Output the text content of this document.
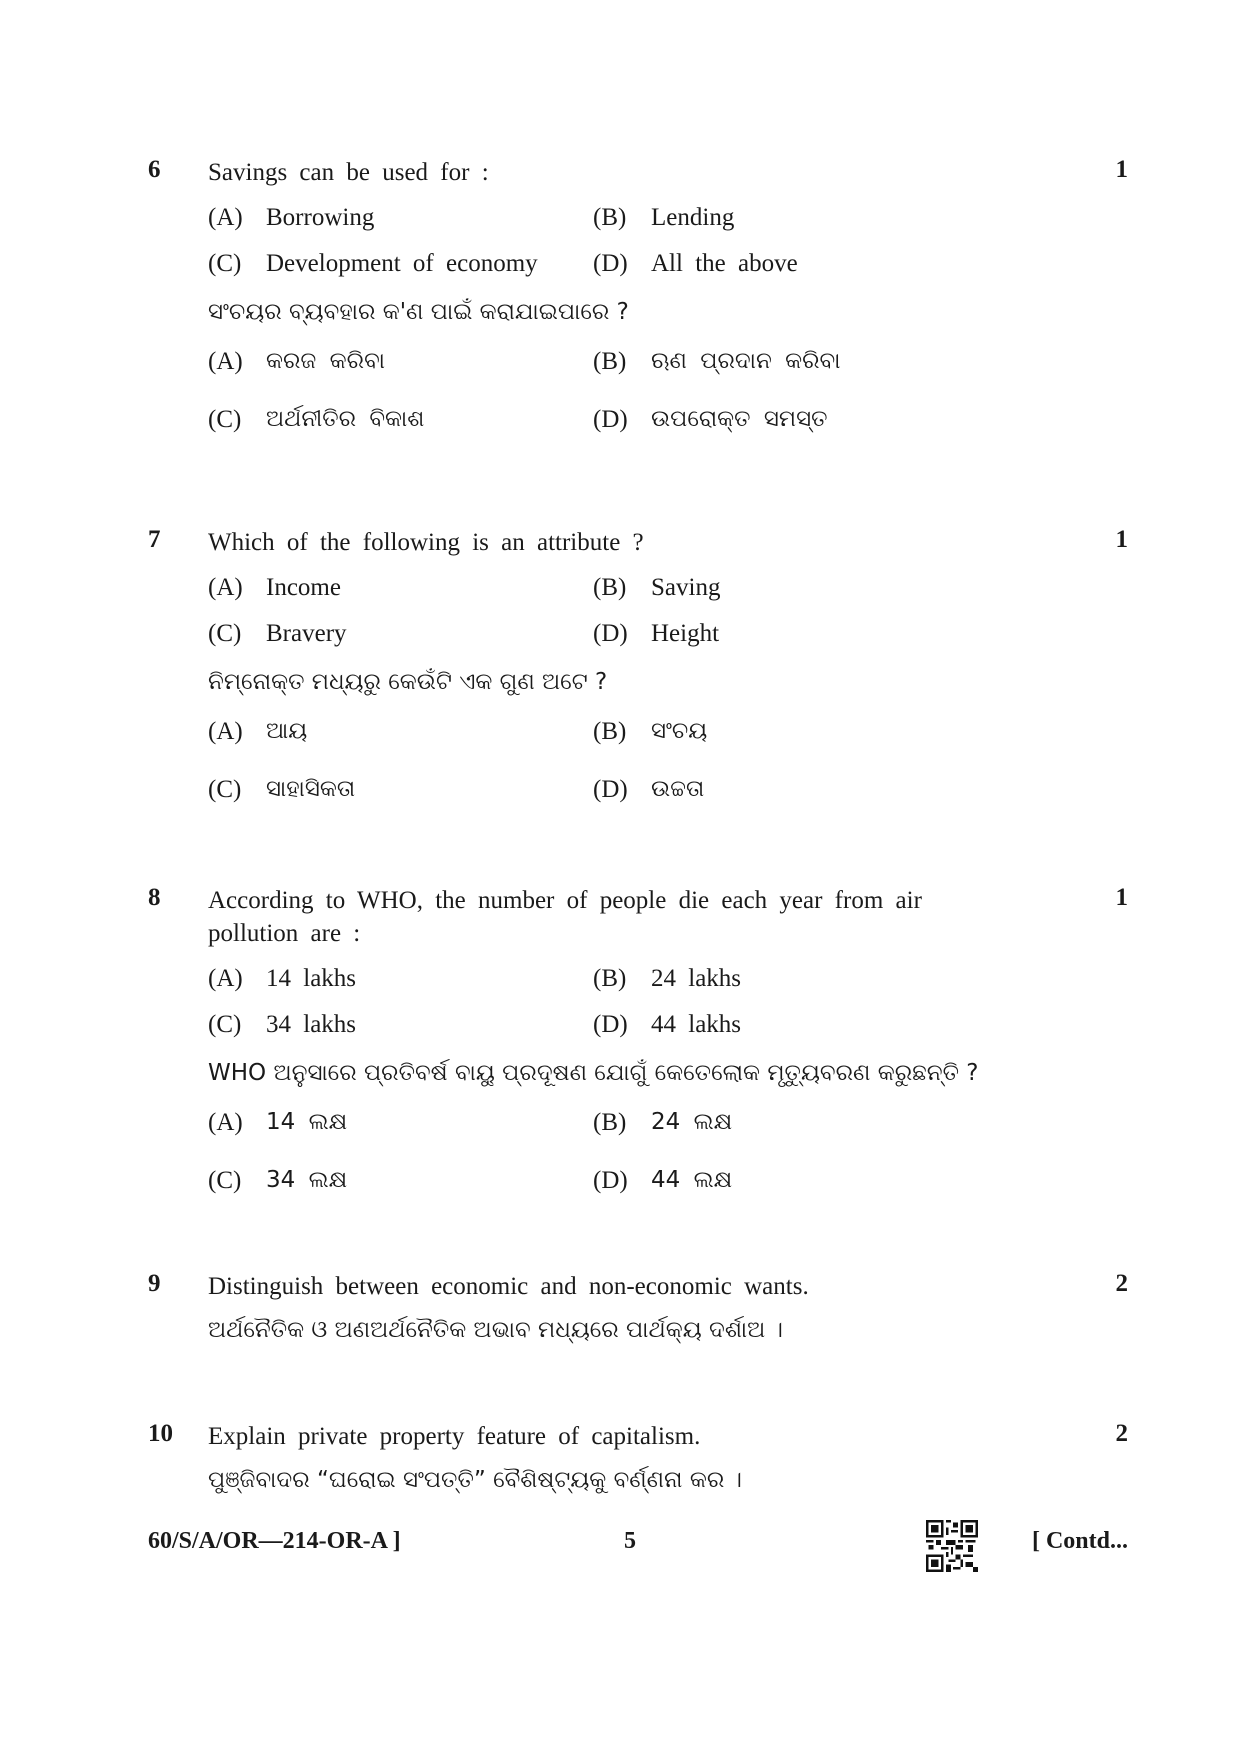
6	1
Savings can be used for :
(A) Borrowing	(B) Lending
(C) Development of economy (D) All the above
ସଂଚୟର ବ୍ୟବହାର କ'ଣ ପାଇଁ କରାଯାଇପାରେ ?
(A)	କରଜ କରିବା	(B)	ଋଣ ପ୍ରଦାନ କରିବା
(C)	ଅର୍ଥନୀତିର ବିକାଶ	(D)	ଉପରୋକ୍ତ ସମସ୍ତ
7	1
Which of the following is an attribute ?
(A) Income	(B) Saving
(C) Bravery	(D) Height
ନିମ୍ନୋକ୍ତ ମଧ୍ୟରୁ କେଉଁଟି ଏକ ଗୁଣ ଅଟେ ?
(A)	ଆୟ	(B)	ସଂଚୟ
(C)	ସାହାସିକତା	(D)	ଉଚ୍ଚତା
8	1
According to WHO, the number of people die each year from air pollution are :
(A) 14 lakhs	(B) 24 lakhs
(C) 34 lakhs	(D) 44 lakhs
WHO ଅନୁସାରେ ପ୍ରତିବର୍ଷ ବାୟୁ ପ୍ରଦୂଷଣ ଯୋଗୁଁ କେତେଲୋକ ମୃତ୍ୟୁବରଣ କରୁଛନ୍ତି ?
(A)	14 ଲକ୍ଷ	(B)	24 ଲକ୍ଷ
(C)	34 ଲକ୍ଷ	(D)	44 ଲକ୍ଷ
9	2
Distinguish between economic and non-economic wants.
ଅର୍ଥନୈତିକ ଓ ଅଣଅର୍ଥନୈତିକ ଅଭାବ ମଧ୍ୟରେ ପାର୍ଥକ୍ୟ ଦର୍ଶାଅ ।
10	2
Explain private property feature of capitalism.
ପୁଞ୍ଜିବାଦର “ଘରୋଇ ସଂପତ୍ତି” ବୈଶିଷ୍ଟ୍ୟକୁ ବର୍ଣ୍ଣନା କର ।
60/S/A/OR—214-OR-A ]	5	[ Contd...
